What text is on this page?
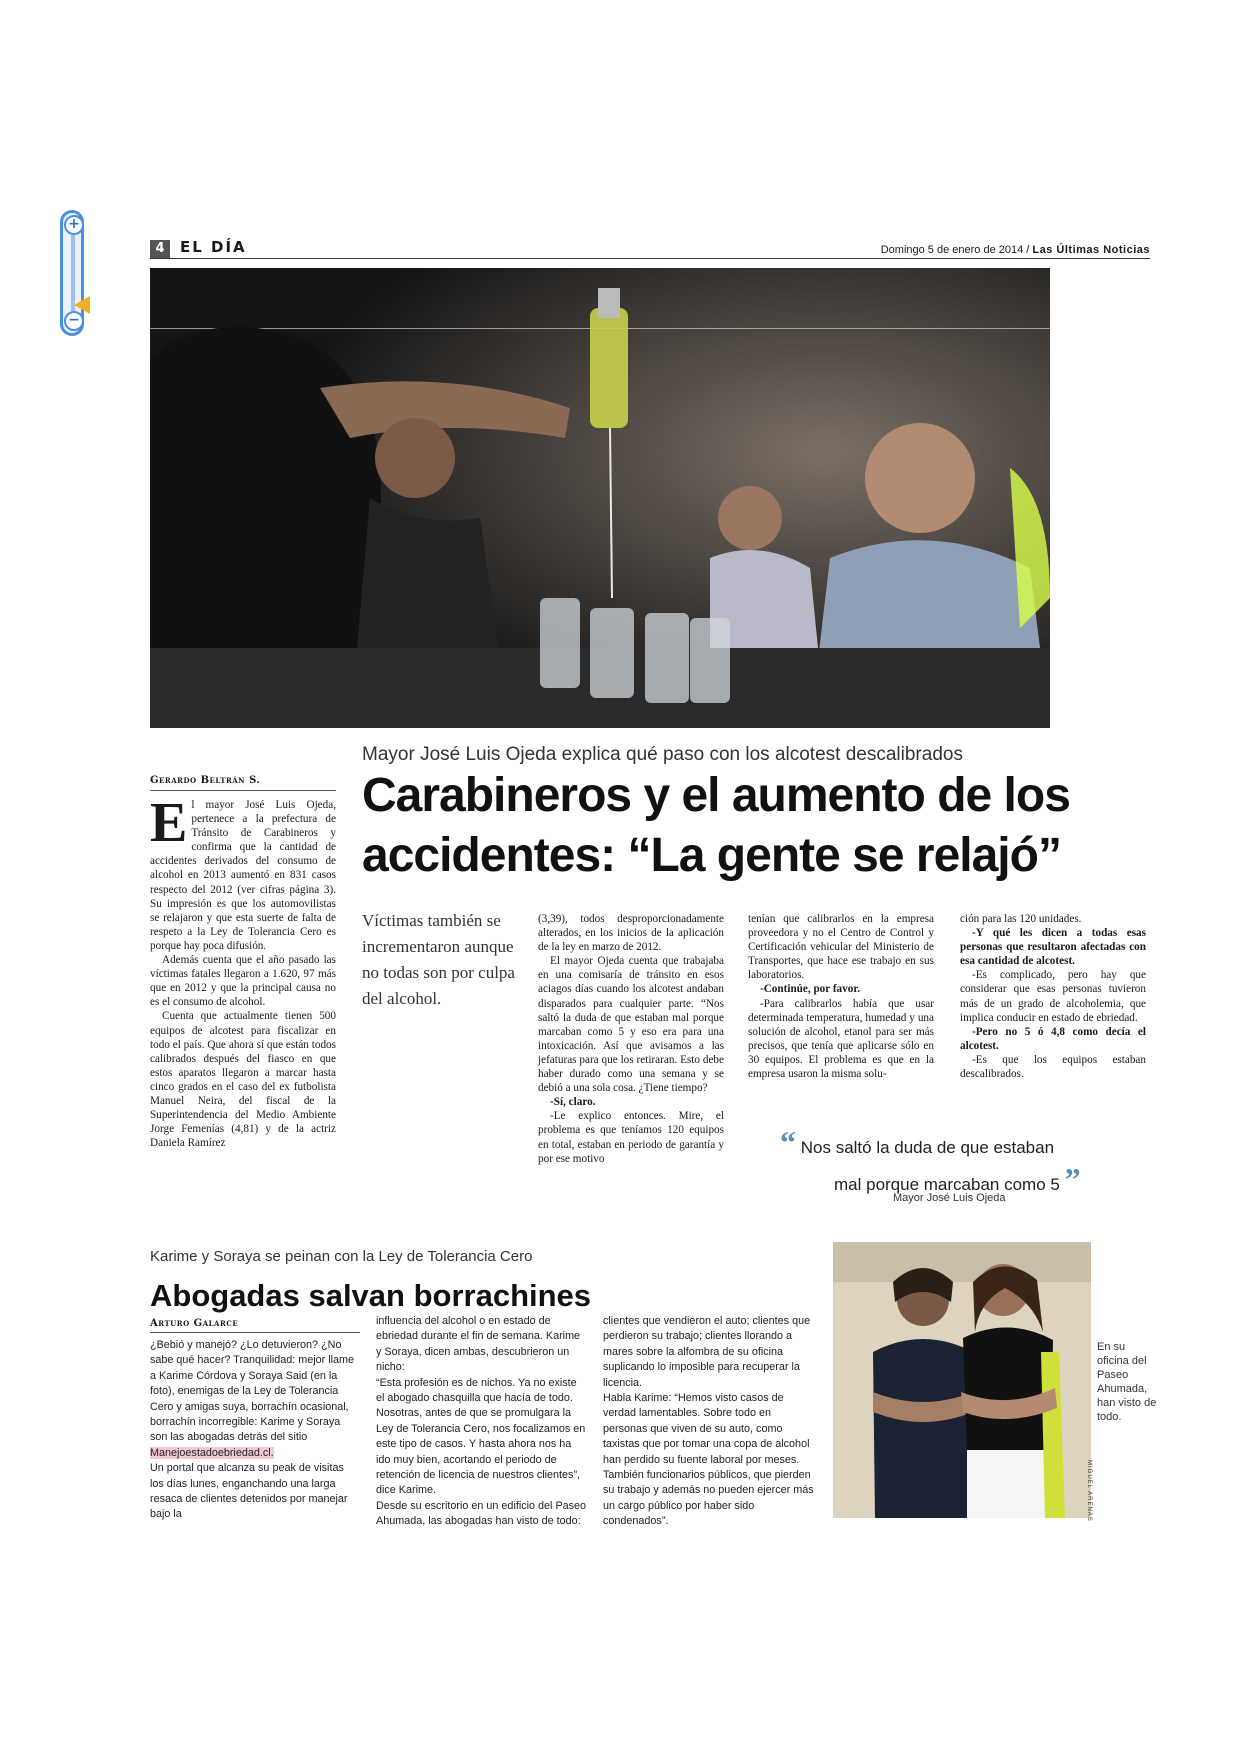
+
−
4	EL DÍA	Domingo 5 de enero de 2014 / Las Últimas Noticias
Mayor José Luis Ojeda explica qué paso con los alcotest descalibrados
Carabineros y el aumento de los accidentes: “La gente se relajó”
Gerardo Beltrán S.
E l mayor José Luis Ojeda, pertenece a la prefectura de Tránsito de Carabineros y confirma que la cantidad de accidentes derivados del consumo de alcohol en 2013 aumentó en 831 casos respecto del 2012 (ver cifras página 3). Su impresión es que los automovilistas se relajaron y que esta suerte de falta de respeto a la Ley de Tolerancia Cero es porque hay poca difusión.

Además cuenta que el año pasado las víctimas fatales llegaron a 1.620, 97 más que en 2012 y que la principal causa no es el consumo de alcohol.

Cuenta que actualmente tienen 500 equipos de alcotest para fiscalizar en todo el país. Que ahora sí que están todos calibrados después del fiasco en que estos aparatos llegaron a marcar hasta cinco grados en el caso del ex futbolista Manuel Neira, del fiscal de la Superintendencia del Medio Ambiente Jorge Femenías (4,81) y de la actriz Daniela Ramírez

Víctimas también se incrementaron aunque no todas son por culpa del alcohol.

(3,39), todos desproporcionadamente alterados, en los inicios de la aplicación de la ley en marzo de 2012.

El mayor Ojeda cuenta que trabajaba en una comisaría de tránsito en esos aciagos días cuando los alcotest andaban disparados para cualquier parte. “Nos saltó la duda de que estaban mal porque marcaban como 5 y eso era para una intoxicación. Así que avisamos a las jefaturas para que los retiraran. Esto debe haber durado como una semana y se debió a una sola cosa. ¿Tiene tiempo?

-Sí, claro.

-Le explico entonces. Mire, el problema es que teníamos 120 equipos en total, estaban en periodo de garantía y por ese motivo

tenían que calibrarlos en la empresa proveedora y no el Centro de Control y Certificación vehicular del Ministerio de Transportes, que hace ese trabajo en sus laboratorios.

-Continúe, por favor.

-Para calibrarlos había que usar determinada temperatura, humedad y una solución de alcohol, etanol para ser más precisos, que tenía que aplicarse sólo en 30 equipos. El problema es que en la empresa usaron la misma solu-

ción para las 120 unidades.

-Y qué les dicen a todas esas personas que resultaron afectadas con esa cantidad de alcotest.

-Es complicado, pero hay que considerar que esas personas tuvieron más de un grado de alcoholemia, que implica conducir en estado de ebriedad.

-Pero no 5 ó 4,8 como decía el alcotest.

-Es que los equipos estaban descalibrados.

“ Nos saltó la duda de que estaban
mal porque marcaban como 5 ”
Mayor José Luis Ojeda
Karime y Soraya se peinan con la Ley de Tolerancia Cero
Abogadas salvan borrachines
Arturo Galarce

¿Bebió y manejó? ¿Lo detuvieron? ¿No sabe qué hacer? Tranquilidad: mejor llame a Karime Córdova y Soraya Said (en la foto), enemigas de la Ley de Tolerancia Cero y amigas suya, borrachín ocasional, borrachín incorregible: Karime y Soraya son las abogadas detrás del sitio Manejoestadoebriedad.cl.

Un portal que alcanza su peak de visitas los días lunes, enganchando una larga resaca de clientes detenidos por manejar bajo la

influencia del alcohol o en estado de ebriedad durante el fin de semana. Karime y Soraya, dicen ambas, descubrieron un nicho:

“Esta profesión es de nichos. Ya no existe el abogado chasquilla que hacía de todo. Nosotras, antes de que se promulgara la Ley de Tolerancia Cero, nos focalizamos en este tipo de casos. Y hasta ahora nos ha ido muy bien, acortando el periodo de retención de licencia de nuestros clientes”, dice Karime.

Desde su escritorio en un edificio del Paseo Ahumada, las abogadas han visto de todo:

clientes que vendieron el auto; clientes que perdieron su trabajo; clientes llorando a mares sobre la alfombra de su oficina suplicando lo imposible para recuperar la licencia.

Habla Karime: “Hemos visto casos de verdad lamentables. Sobre todo en personas que viven de su auto, como taxistas que por tomar una copa de alcohol han perdido su fuente laboral por meses. También funcionarios públicos, que pierden su trabajo y además no pueden ejercer más un cargo público por haber sido condenados”.

En su oficina del Paseo Ahumada, han visto de todo.
MIGUEL ARENAS
